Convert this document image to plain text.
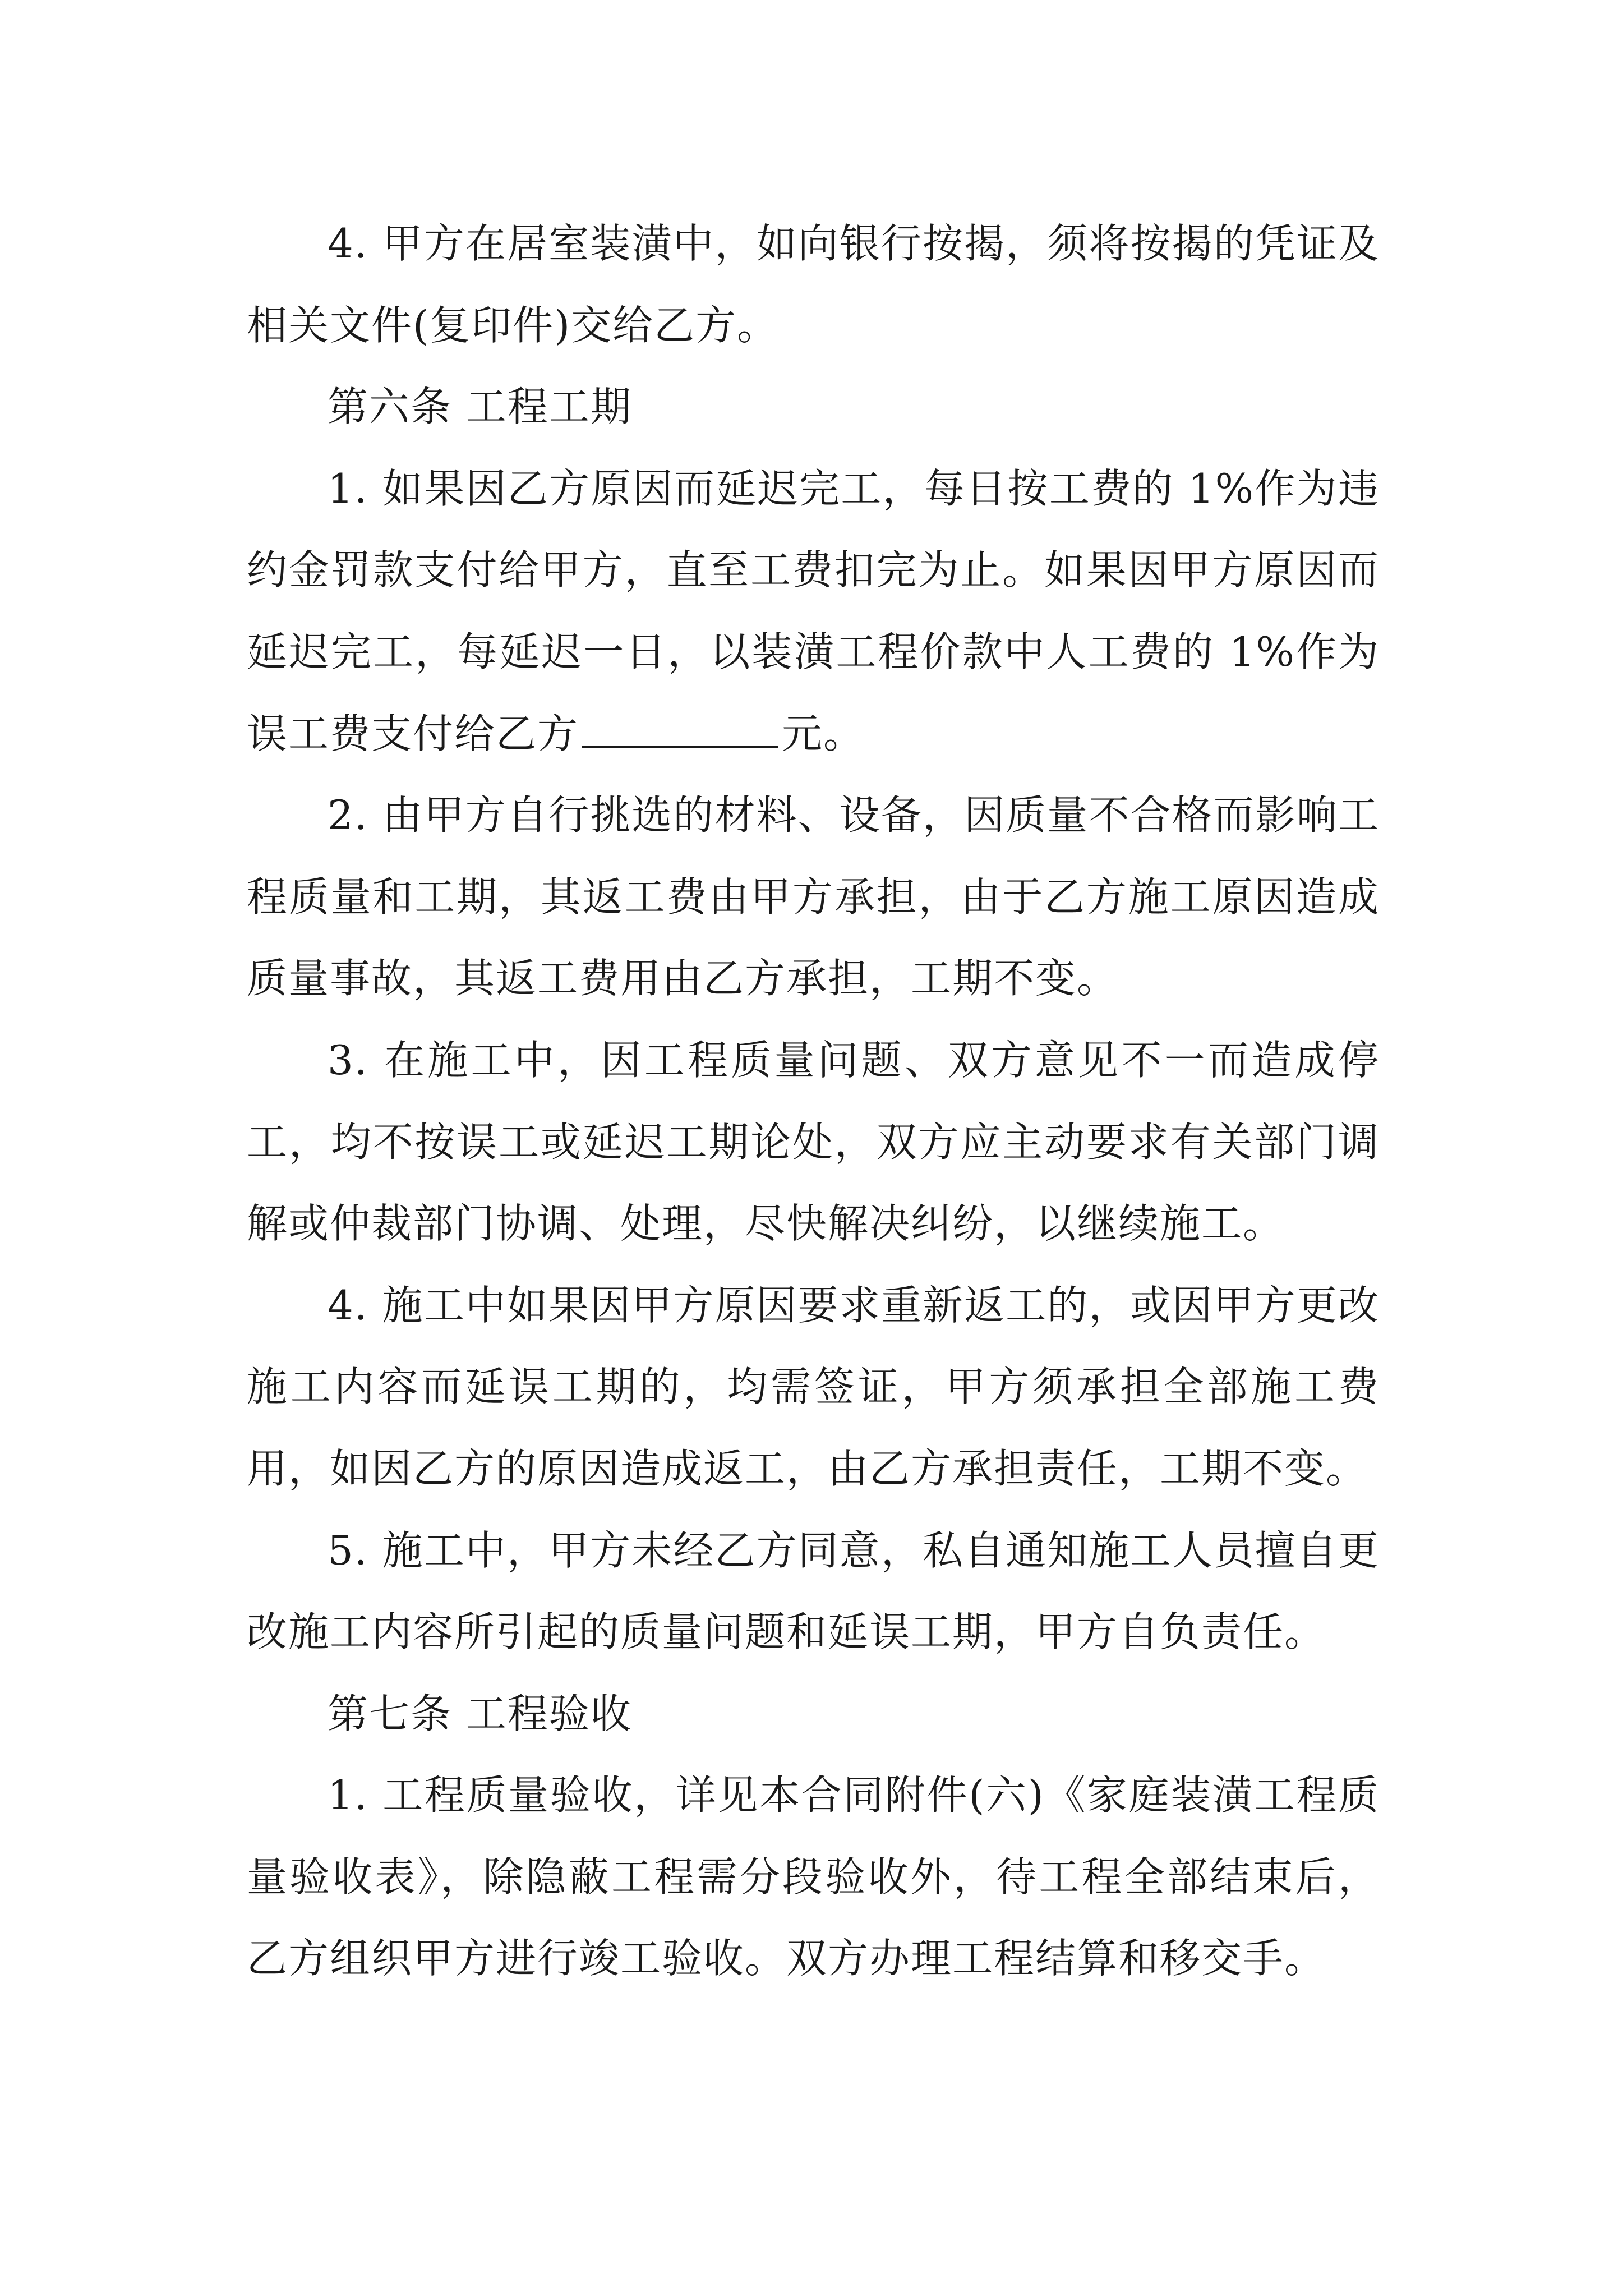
4. 甲方在居室装潢中，如向银行按揭，须将按揭的凭证及相关文件(复印件)交给乙方。

第六条 工程工期

1. 如果因乙方原因而延迟完工，每日按工费的 1%作为违约金罚款支付给甲方，直至工费扣完为止。如果因甲方原因而延迟完工，每延迟一日，以装潢工程价款中人工费的 1%作为误工费支付给乙方	元。

2. 由甲方自行挑选的材料、设备，因质量不合格而影响工程质量和工期，其返工费由甲方承担，由于乙方施工原因造成质量事故，其返工费用由乙方承担，工期不变。

3. 在施工中，因工程质量问题、双方意见不一而造成停工，均不按误工或延迟工期论处，双方应主动要求有关部门调解或仲裁部门协调、处理，尽快解决纠纷，以继续施工。

4. 施工中如果因甲方原因要求重新返工的，或因甲方更改施工内容而延误工期的，均需签证，甲方须承担全部施工费用，如因乙方的原因造成返工，由乙方承担责任，工期不变。

5. 施工中，甲方未经乙方同意，私自通知施工人员擅自更改施工内容所引起的质量问题和延误工期，甲方自负责任。

第七条 工程验收

1. 工程质量验收，详见本合同附件(六)《家庭装潢工程质量验收表》，除隐蔽工程需分段验收外，待工程全部结束后，乙方组织甲方进行竣工验收。双方办理工程结算和移交手。
